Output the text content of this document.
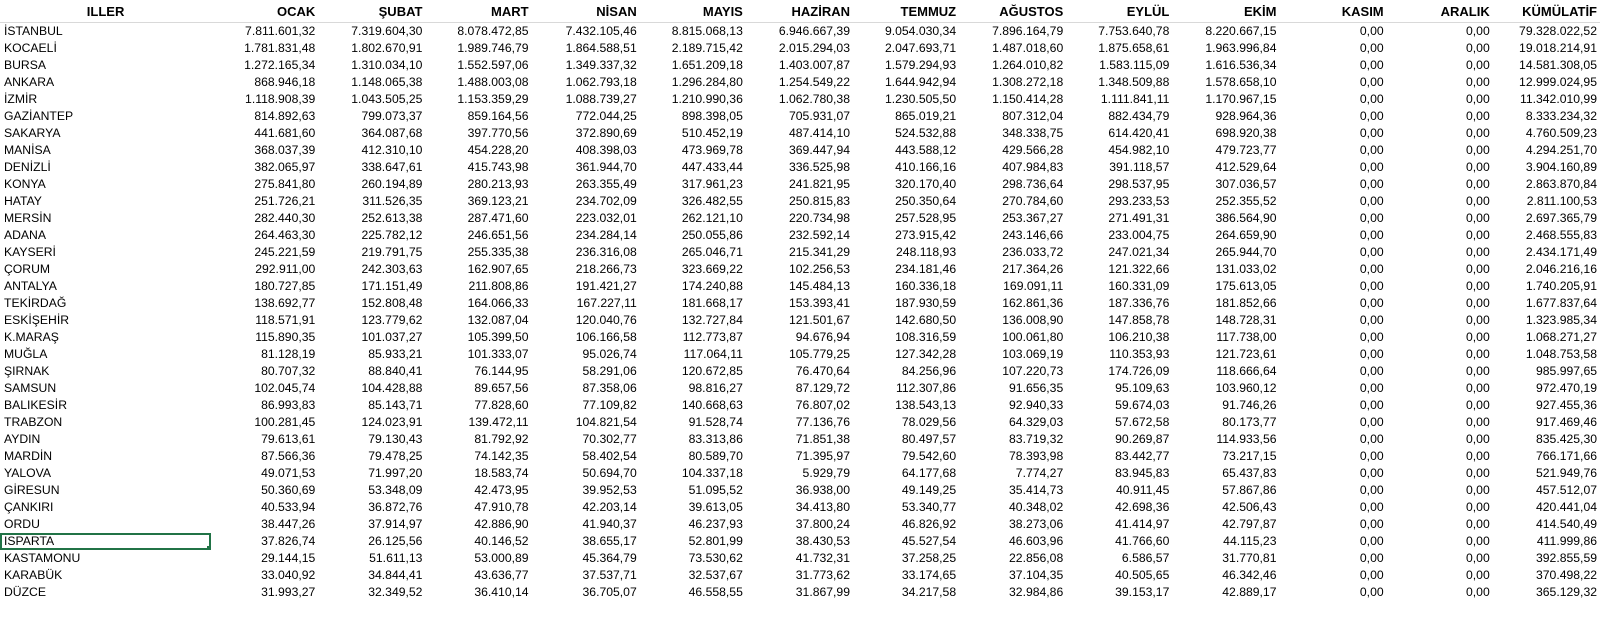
ILLER	OCAK	ŞUBAT	MART	NİSAN	MAYIS	HAZİRAN	TEMMUZ	AĞUSTOS	EYLÜL	EKİM	KASIM	ARALIK	KÜMÜLATİF
İSTANBUL	7.811.601,32	7.319.604,30	8.078.472,85	7.432.105,46	8.815.068,13	6.946.667,39	9.054.030,34	7.896.164,79	7.753.640,78	8.220.667,15	0,00	0,00	79.328.022,52
KOCAELİ	1.781.831,48	1.802.670,91	1.989.746,79	1.864.588,51	2.189.715,42	2.015.294,03	2.047.693,71	1.487.018,60	1.875.658,61	1.963.996,84	0,00	0,00	19.018.214,91
BURSA	1.272.165,34	1.310.034,10	1.552.597,06	1.349.337,32	1.651.209,18	1.403.007,87	1.579.294,93	1.264.010,82	1.583.115,09	1.616.536,34	0,00	0,00	14.581.308,05
ANKARA	868.946,18	1.148.065,38	1.488.003,08	1.062.793,18	1.296.284,80	1.254.549,22	1.644.942,94	1.308.272,18	1.348.509,88	1.578.658,10	0,00	0,00	12.999.024,95
İZMİR	1.118.908,39	1.043.505,25	1.153.359,29	1.088.739,27	1.210.990,36	1.062.780,38	1.230.505,50	1.150.414,28	1.111.841,11	1.170.967,15	0,00	0,00	11.342.010,99
GAZİANTEP	814.892,63	799.073,37	859.164,56	772.044,25	898.398,05	705.931,07	865.019,21	807.312,04	882.434,79	928.964,36	0,00	0,00	8.333.234,32
SAKARYA	441.681,60	364.087,68	397.770,56	372.890,69	510.452,19	487.414,10	524.532,88	348.338,75	614.420,41	698.920,38	0,00	0,00	4.760.509,23
MANİSA	368.037,39	412.310,10	454.228,20	408.398,03	473.969,78	369.447,94	443.588,12	429.566,28	454.982,10	479.723,77	0,00	0,00	4.294.251,70
DENİZLİ	382.065,97	338.647,61	415.743,98	361.944,70	447.433,44	336.525,98	410.166,16	407.984,83	391.118,57	412.529,64	0,00	0,00	3.904.160,89
KONYA	275.841,80	260.194,89	280.213,93	263.355,49	317.961,23	241.821,95	320.170,40	298.736,64	298.537,95	307.036,57	0,00	0,00	2.863.870,84
HATAY	251.726,21	311.526,35	369.123,21	234.702,09	326.482,55	250.815,83	250.350,64	270.784,60	293.233,53	252.355,52	0,00	0,00	2.811.100,53
MERSİN	282.440,30	252.613,38	287.471,60	223.032,01	262.121,10	220.734,98	257.528,95	253.367,27	271.491,31	386.564,90	0,00	0,00	2.697.365,79
ADANA	264.463,30	225.782,12	246.651,56	234.284,14	250.055,86	232.592,14	273.915,42	243.146,66	233.004,75	264.659,90	0,00	0,00	2.468.555,83
KAYSERİ	245.221,59	219.791,75	255.335,38	236.316,08	265.046,71	215.341,29	248.118,93	236.033,72	247.021,34	265.944,70	0,00	0,00	2.434.171,49
ÇORUM	292.911,00	242.303,63	162.907,65	218.266,73	323.669,22	102.256,53	234.181,46	217.364,26	121.322,66	131.033,02	0,00	0,00	2.046.216,16
ANTALYA	180.727,85	171.151,49	211.808,86	191.421,27	174.240,88	145.484,13	160.336,18	169.091,11	160.331,09	175.613,05	0,00	0,00	1.740.205,91
TEKİRDAĞ	138.692,77	152.808,48	164.066,33	167.227,11	181.668,17	153.393,41	187.930,59	162.861,36	187.336,76	181.852,66	0,00	0,00	1.677.837,64
ESKİŞEHİR	118.571,91	123.779,62	132.087,04	120.040,76	132.727,84	121.501,67	142.680,50	136.008,90	147.858,78	148.728,31	0,00	0,00	1.323.985,34
K.MARAŞ	115.890,35	101.037,27	105.399,50	106.166,58	112.773,87	94.676,94	108.316,59	100.061,80	106.210,38	117.738,00	0,00	0,00	1.068.271,27
MUĞLA	81.128,19	85.933,21	101.333,07	95.026,74	117.064,11	105.779,25	127.342,28	103.069,19	110.353,93	121.723,61	0,00	0,00	1.048.753,58
ŞIRNAK	80.707,32	88.840,41	76.144,95	58.291,06	120.672,85	76.470,64	84.256,96	107.220,73	174.726,09	118.666,64	0,00	0,00	985.997,65
SAMSUN	102.045,74	104.428,88	89.657,56	87.358,06	98.816,27	87.129,72	112.307,86	91.656,35	95.109,63	103.960,12	0,00	0,00	972.470,19
BALIKESİR	86.993,83	85.143,71	77.828,60	77.109,82	140.668,63	76.807,02	138.543,13	92.940,33	59.674,03	91.746,26	0,00	0,00	927.455,36
TRABZON	100.281,45	124.023,91	139.472,11	104.821,54	91.528,74	77.136,76	78.029,56	64.329,03	57.672,58	80.173,77	0,00	0,00	917.469,46
AYDIN	79.613,61	79.130,43	81.792,92	70.302,77	83.313,86	71.851,38	80.497,57	83.719,32	90.269,87	114.933,56	0,00	0,00	835.425,30
MARDİN	87.566,36	79.478,25	74.142,35	58.402,54	80.589,70	71.395,97	79.542,60	78.393,98	83.442,77	73.217,15	0,00	0,00	766.171,66
YALOVA	49.071,53	71.997,20	18.583,74	50.694,70	104.337,18	5.929,79	64.177,68	7.774,27	83.945,83	65.437,83	0,00	0,00	521.949,76
GİRESUN	50.360,69	53.348,09	42.473,95	39.952,53	51.095,52	36.938,00	49.149,25	35.414,73	40.911,45	57.867,86	0,00	0,00	457.512,07
ÇANKIRI	40.533,94	36.872,76	47.910,78	42.203,14	39.613,05	34.413,80	53.340,77	40.348,02	42.698,36	42.506,43	0,00	0,00	420.441,04
ORDU	38.447,26	37.914,97	42.886,90	41.940,37	46.237,93	37.800,24	46.826,92	38.273,06	41.414,97	42.797,87	0,00	0,00	414.540,49
ISPARTA	37.826,74	26.125,56	40.146,52	38.655,17	52.801,99	38.430,53	45.527,54	46.603,96	41.766,60	44.115,23	0,00	0,00	411.999,86
KASTAMONU	29.144,15	51.611,13	53.000,89	45.364,79	73.530,62	41.732,31	37.258,25	22.856,08	6.586,57	31.770,81	0,00	0,00	392.855,59
KARABÜK	33.040,92	34.844,41	43.636,77	37.537,71	32.537,67	31.773,62	33.174,65	37.104,35	40.505,65	46.342,46	0,00	0,00	370.498,22
DÜZCE	31.993,27	32.349,52	36.410,14	36.705,07	46.558,55	31.867,99	34.217,58	32.984,86	39.153,17	42.889,17	0,00	0,00	365.129,32
